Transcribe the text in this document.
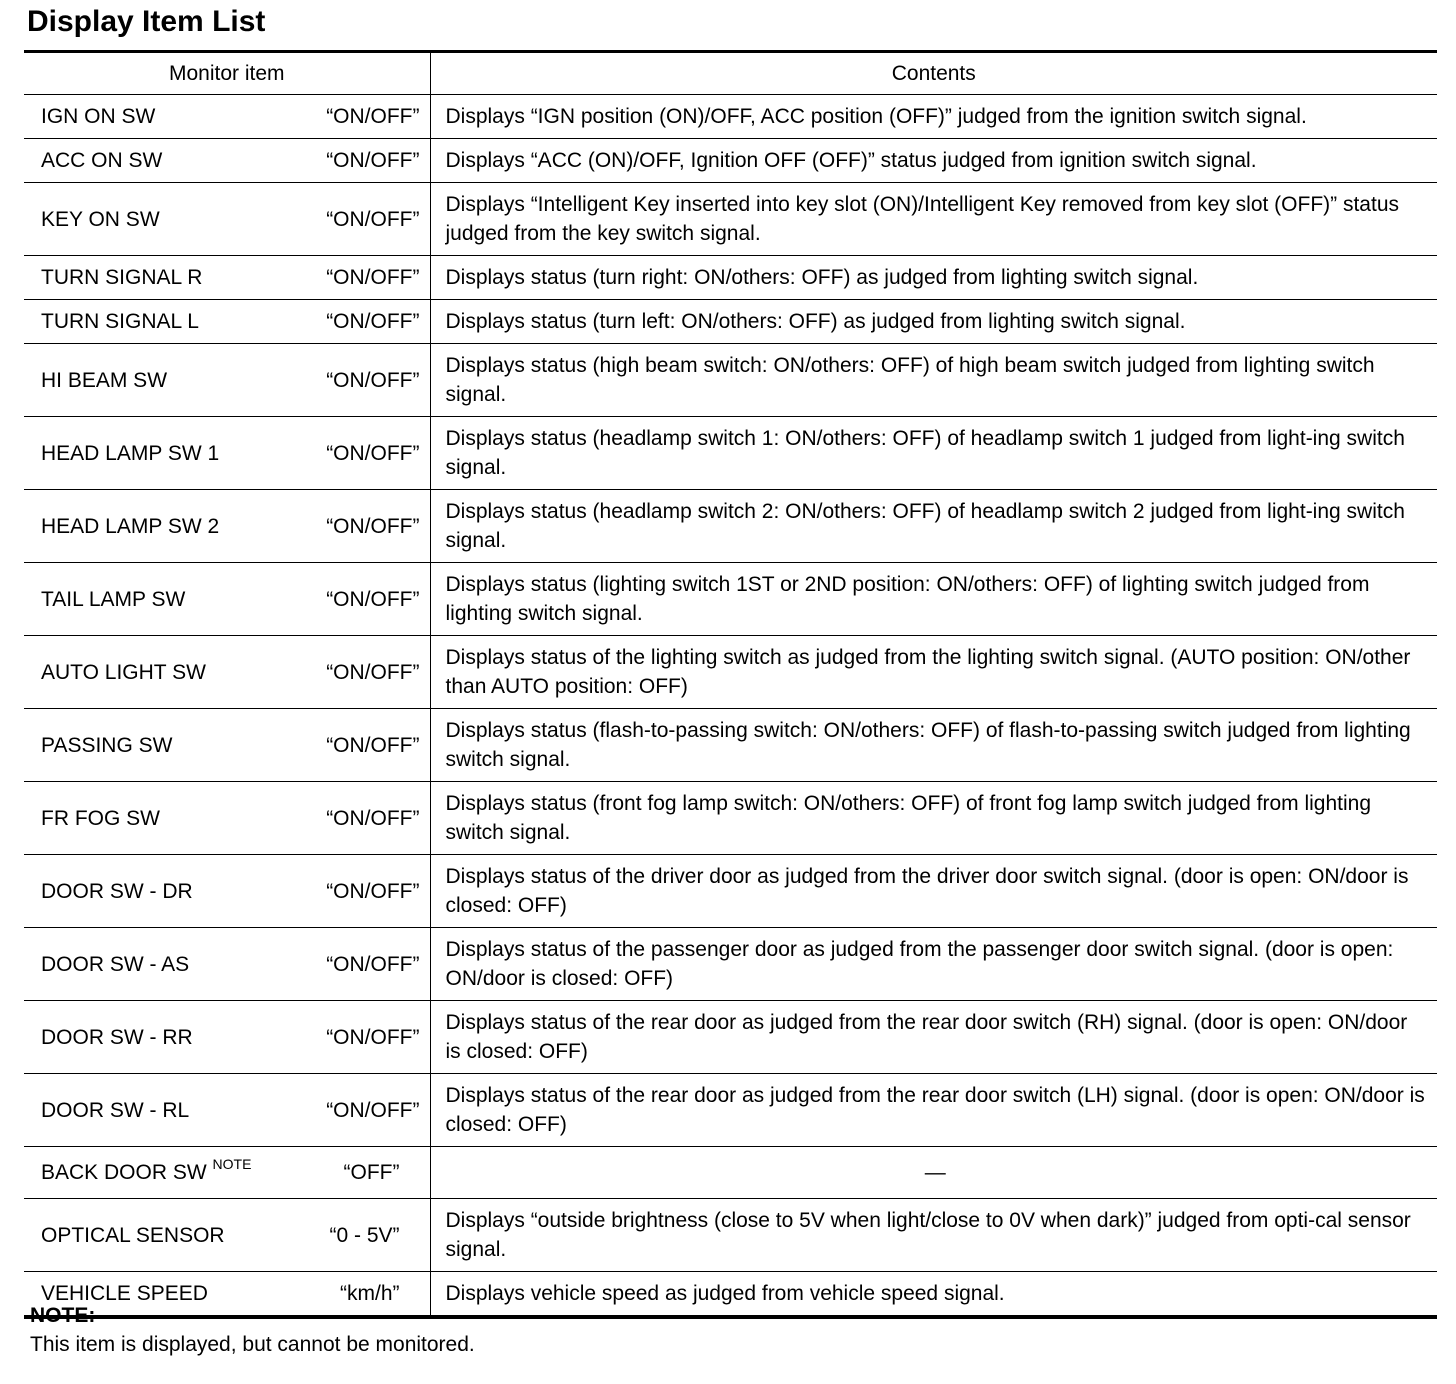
Display Item List
Monitor item	Contents

IGN ON SW “ON/OFF”	Displays “IGN position (ON)/OFF, ACC position (OFF)” judged from the ignition switch signal.

ACC ON SW “ON/OFF”	Displays “ACC (ON)/OFF, Ignition OFF (OFF)” status judged from ignition switch signal.

KEY ON SW “ON/OFF”	Displays “Intelligent Key inserted into key slot (ON)/Intelligent Key removed from key slot (OFF)” status judged from the key switch signal.

TURN SIGNAL R “ON/OFF”	Displays status (turn right: ON/others: OFF) as judged from lighting switch signal.

TURN SIGNAL L “ON/OFF”	Displays status (turn left: ON/others: OFF) as judged from lighting switch signal.

HI BEAM SW “ON/OFF”	Displays status (high beam switch: ON/others: OFF) of high beam switch judged from lighting switch signal.

HEAD LAMP SW 1 “ON/OFF”	Displays status (headlamp switch 1: ON/others: OFF) of headlamp switch 1 judged from light-ing switch signal.

HEAD LAMP SW 2 “ON/OFF”	Displays status (headlamp switch 2: ON/others: OFF) of headlamp switch 2 judged from light-ing switch signal.

TAIL LAMP SW “ON/OFF”	Displays status (lighting switch 1ST or 2ND position: ON/others: OFF) of lighting switch judged from lighting switch signal.

AUTO LIGHT SW “ON/OFF”	Displays status of the lighting switch as judged from the lighting switch signal. (AUTO position: ON/other than AUTO position: OFF)

PASSING SW “ON/OFF”	Displays status (flash-to-passing switch: ON/others: OFF) of flash-to-passing switch judged from lighting switch signal.

FR FOG SW “ON/OFF”	Displays status (front fog lamp switch: ON/others: OFF) of front fog lamp switch judged from lighting switch signal.

DOOR SW - DR “ON/OFF”	Displays status of the driver door as judged from the driver door switch signal. (door is open: ON/door is closed: OFF)

DOOR SW - AS “ON/OFF”	Displays status of the passenger door as judged from the passenger door switch signal. (door is open: ON/door is closed: OFF)

DOOR SW - RR “ON/OFF”	Displays status of the rear door as judged from the rear door switch (RH) signal. (door is open: ON/door is closed: OFF)

DOOR SW - RL “ON/OFF”	Displays status of the rear door as judged from the rear door switch (LH) signal. (door is open: ON/door is closed: OFF)

BACK DOOR SW $^{NOTE}$ “OFF”	—

OPTICAL SENSOR “0 - 5V”	Displays “outside brightness (close to 5V when light/close to 0V when dark)” judged from opti-cal sensor signal.

VEHICLE SPEED “km/h”	Displays vehicle speed as judged from vehicle speed signal.

NOTE:

This item is displayed, but cannot be monitored.
